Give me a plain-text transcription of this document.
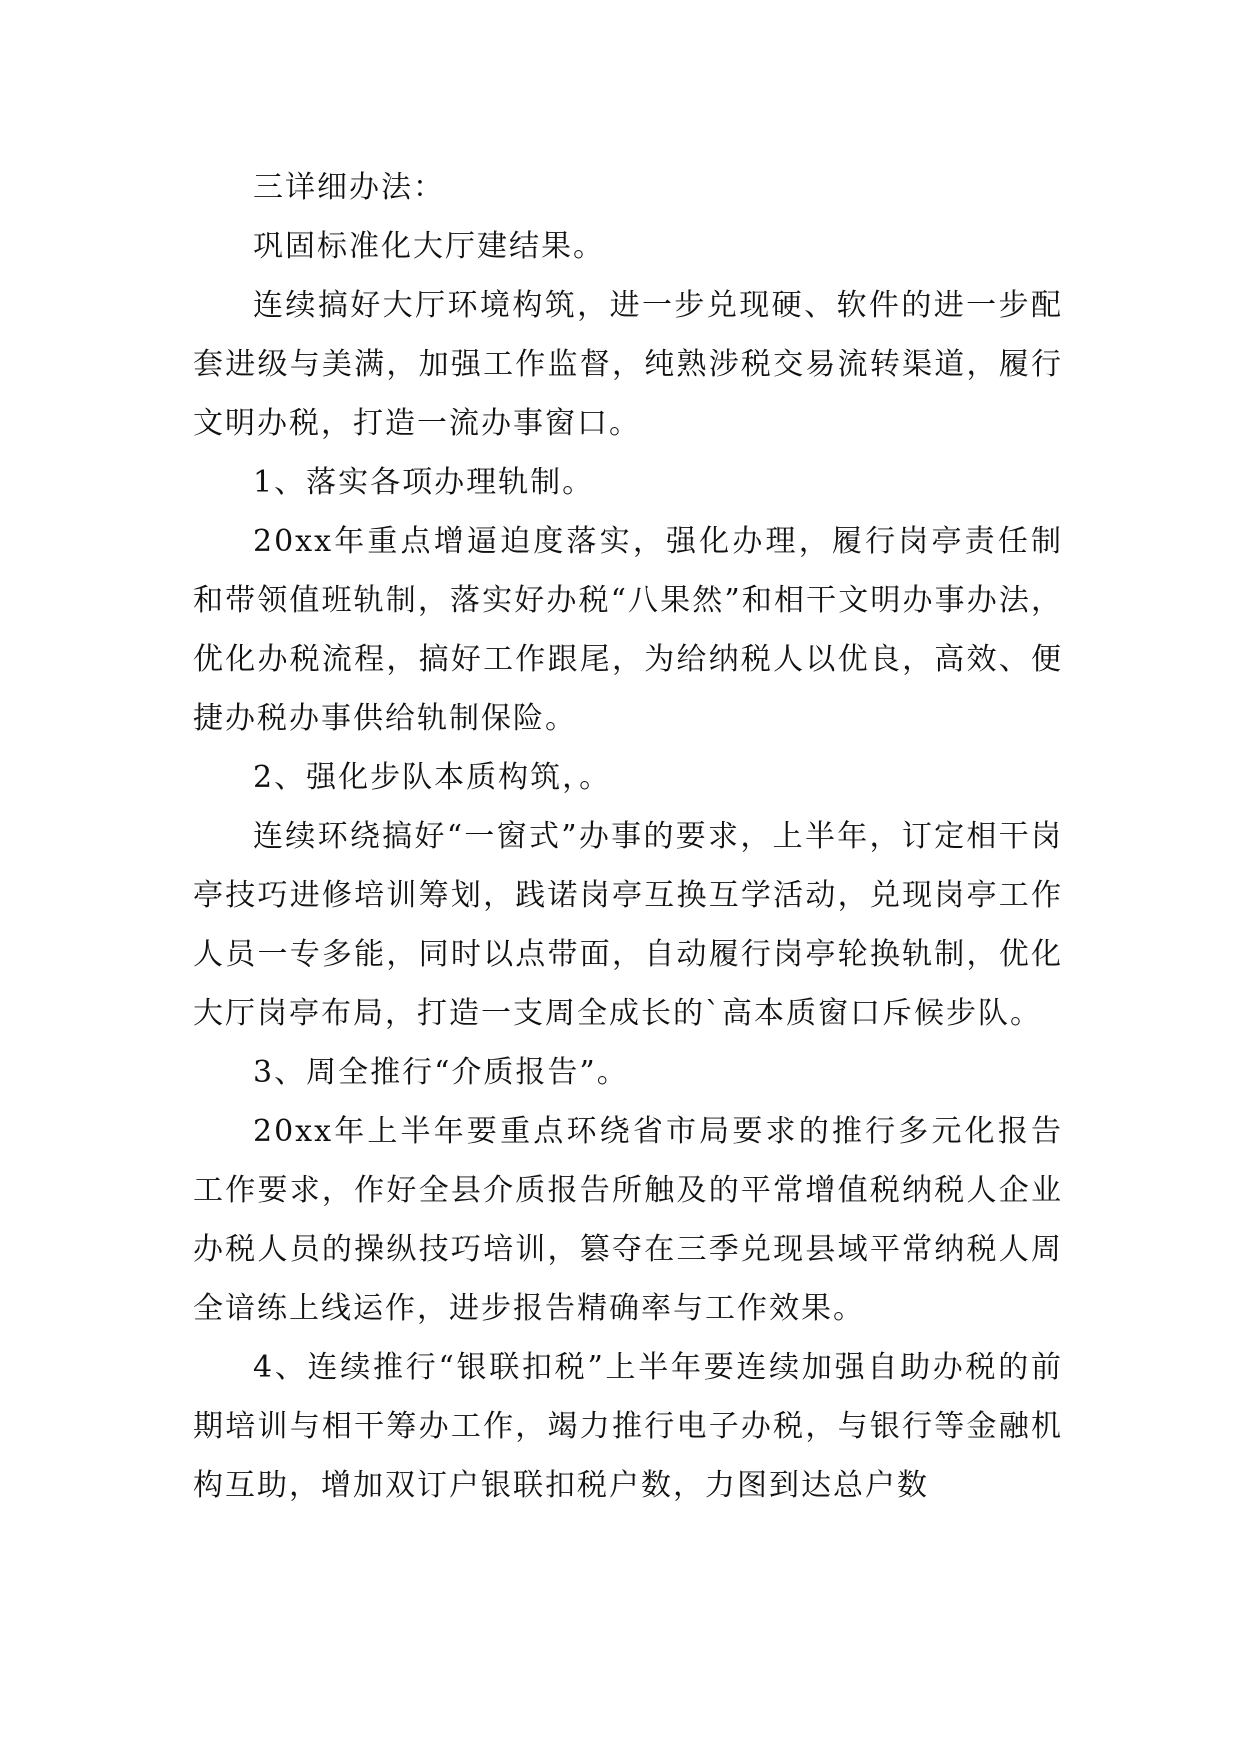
三详细办法：

巩固标准化大厅建结果。

连续搞好大厅环境构筑，进一步兑现硬、软件的进一步配套进级与美满，加强工作监督，纯熟涉税交易流转渠道，履行文明办税，打造一流办事窗口。

1、落实各项办理轨制。

20xx年重点增逼迫度落实，强化办理，履行岗亭责任制和带领值班轨制，落实好办税“八果然”和相干文明办事办法，优化办税流程，搞好工作跟尾，为给纳税人以优良，高效、便捷办税办事供给轨制保险。

2、强化步队本质构筑，。

连续环绕搞好“一窗式”办事的要求，上半年，订定相干岗亭技巧进修培训筹划，践诺岗亭互换互学活动，兑现岗亭工作人员一专多能，同时以点带面，自动履行岗亭轮换轨制，优化大厅岗亭布局，打造一支周全成长的`高本质窗口斥候步队。

3、周全推行“介质报告”。

20xx年上半年要重点环绕省市局要求的推行多元化报告工作要求，作好全县介质报告所触及的平常增值税纳税人企业办税人员的操纵技巧培训，篡夺在三季兑现县域平常纳税人周全谙练上线运作，进步报告精确率与工作效果。

4、连续推行“银联扣税”上半年要连续加强自助办税的前期培训与相干筹办工作，竭力推行电子办税，与银行等金融机构互助，增加双订户银联扣税户数，力图到达总户数
